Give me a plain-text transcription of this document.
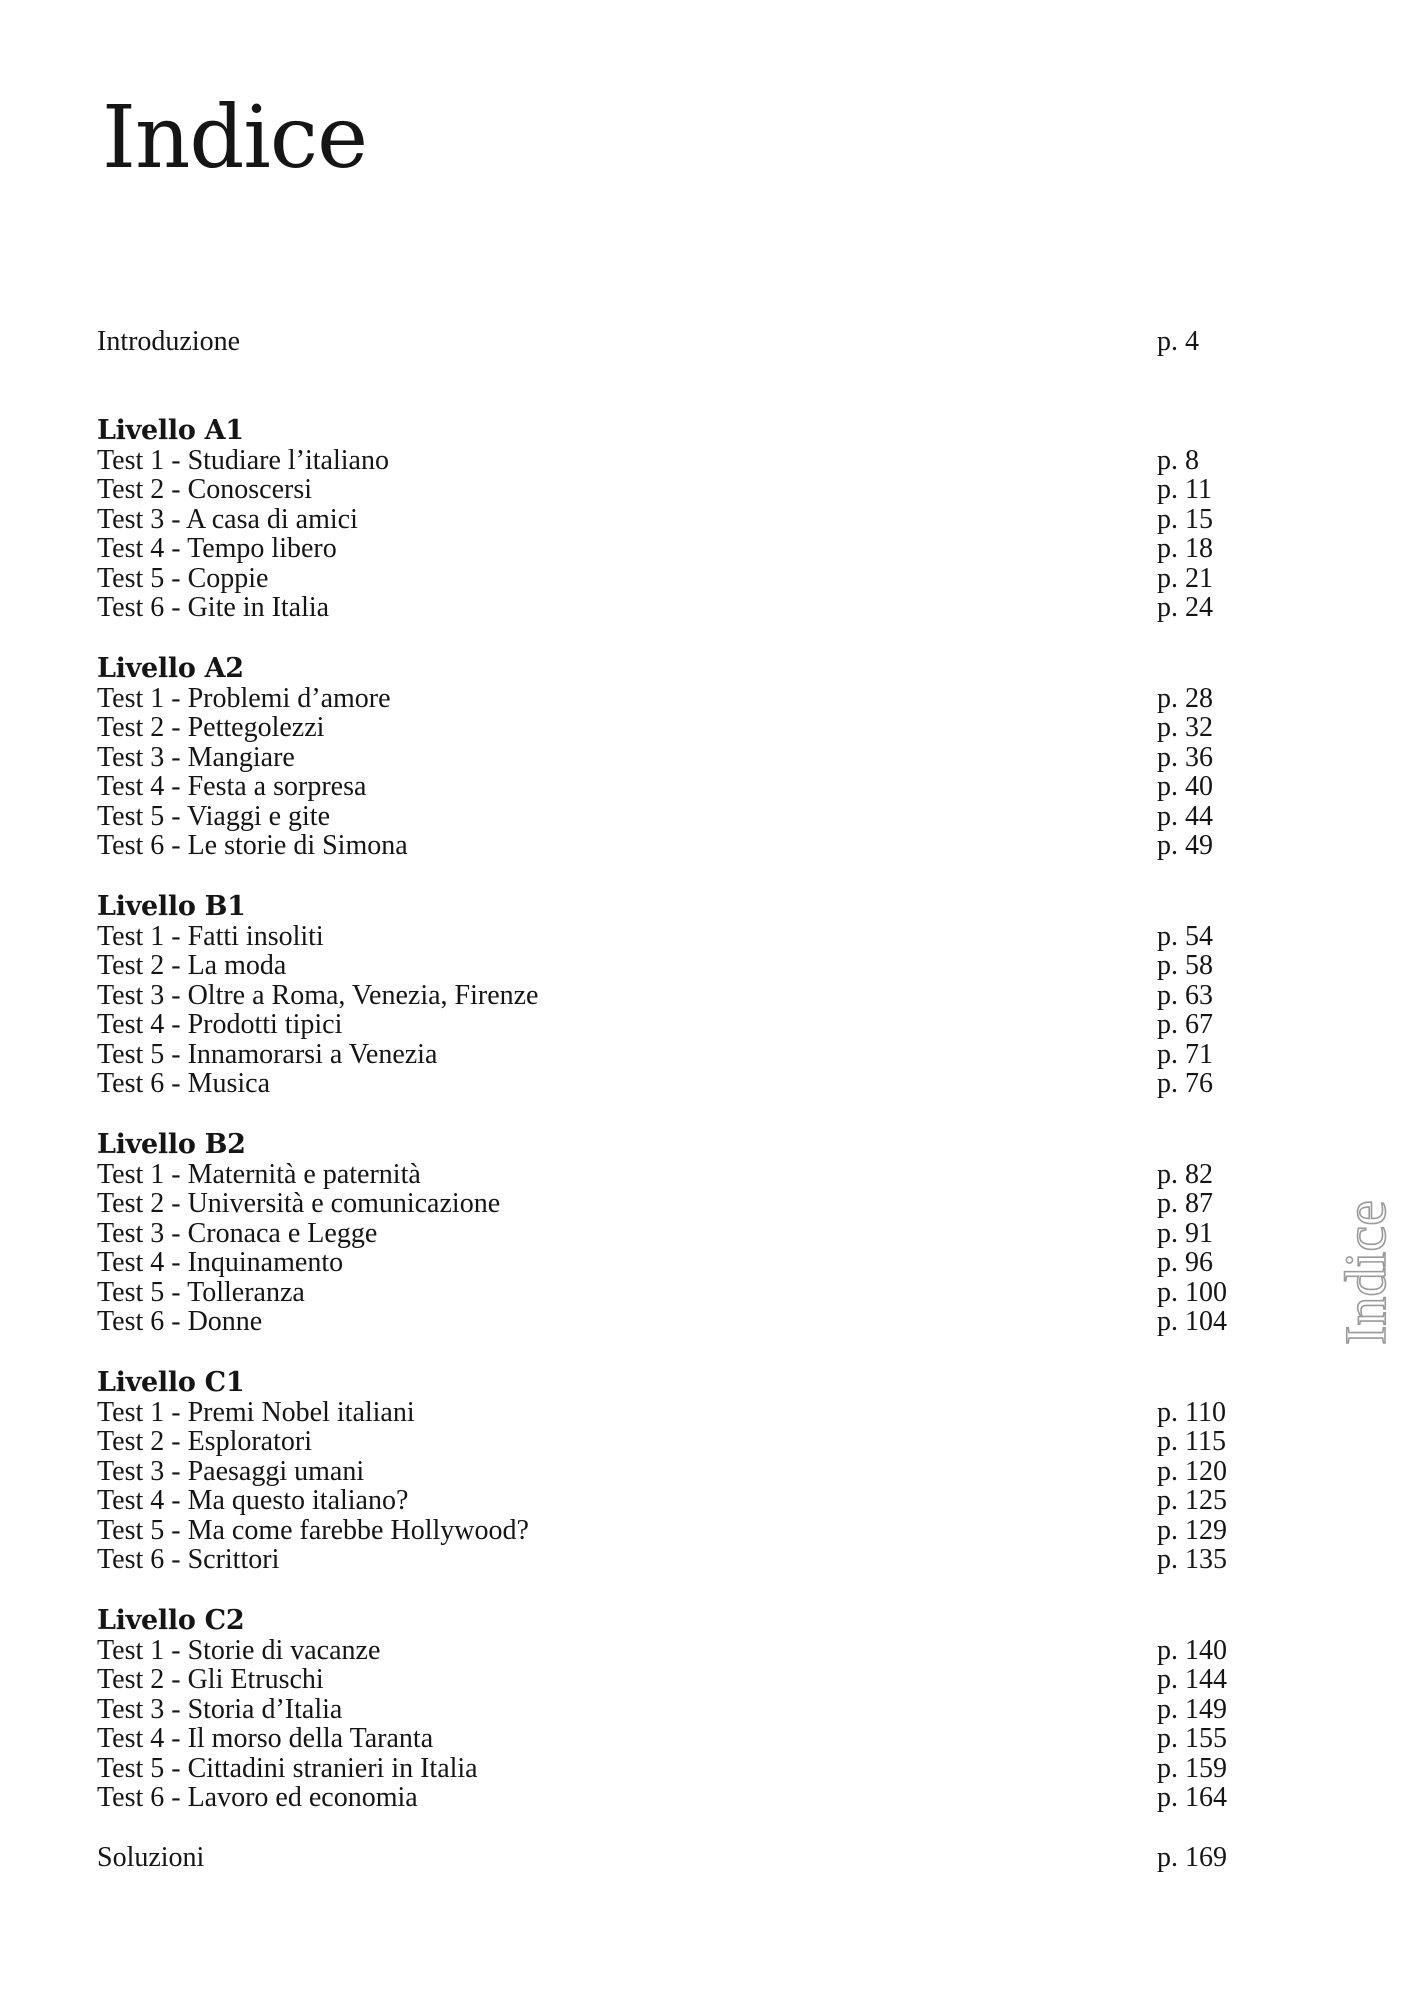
Indice
Introduzione	p. 4
Livello A1
Test 1 - Studiare l’italiano	p. 8
Test 2 - Conoscersi	p. 11
Test 3 - A casa di amici	p. 15
Test 4 - Tempo libero	p. 18
Test 5 - Coppie	p. 21
Test 6 - Gite in Italia	p. 24
Livello A2
Test 1 - Problemi d’amore	p. 28
Test 2 - Pettegolezzi	p. 32
Test 3 - Mangiare	p. 36
Test 4 - Festa a sorpresa	p. 40
Test 5 - Viaggi e gite	p. 44
Test 6 - Le storie di Simona	p. 49
Livello B1
Test 1 - Fatti insoliti	p. 54
Test 2 - La moda	p. 58
Test 3 - Oltre a Roma, Venezia, Firenze	p. 63
Test 4 - Prodotti tipici	p. 67
Test 5 - Innamorarsi a Venezia	p. 71
Test 6 - Musica	p. 76
Livello B2
Test 1 - Maternità e paternità	p. 82
Test 2 - Università e comunicazione	p. 87
Test 3 - Cronaca e Legge	p. 91
Test 4 - Inquinamento	p. 96
Test 5 - Tolleranza	p. 100
Test 6 - Donne	p. 104
Livello C1
Test 1 - Premi Nobel italiani	p. 110
Test 2 - Esploratori	p. 115
Test 3 - Paesaggi umani	p. 120
Test 4 - Ma questo italiano?	p. 125
Test 5 - Ma come farebbe Hollywood?	p. 129
Test 6 - Scrittori	p. 135
Livello C2
Test 1 - Storie di vacanze	p. 140
Test 2 - Gli Etruschi	p. 144
Test 3 - Storia d’Italia	p. 149
Test 4 - Il morso della Taranta	p. 155
Test 5 - Cittadini stranieri in Italia	p. 159
Test 6 - Lavoro ed economia	p. 164
Soluzioni	p. 169
Indice
